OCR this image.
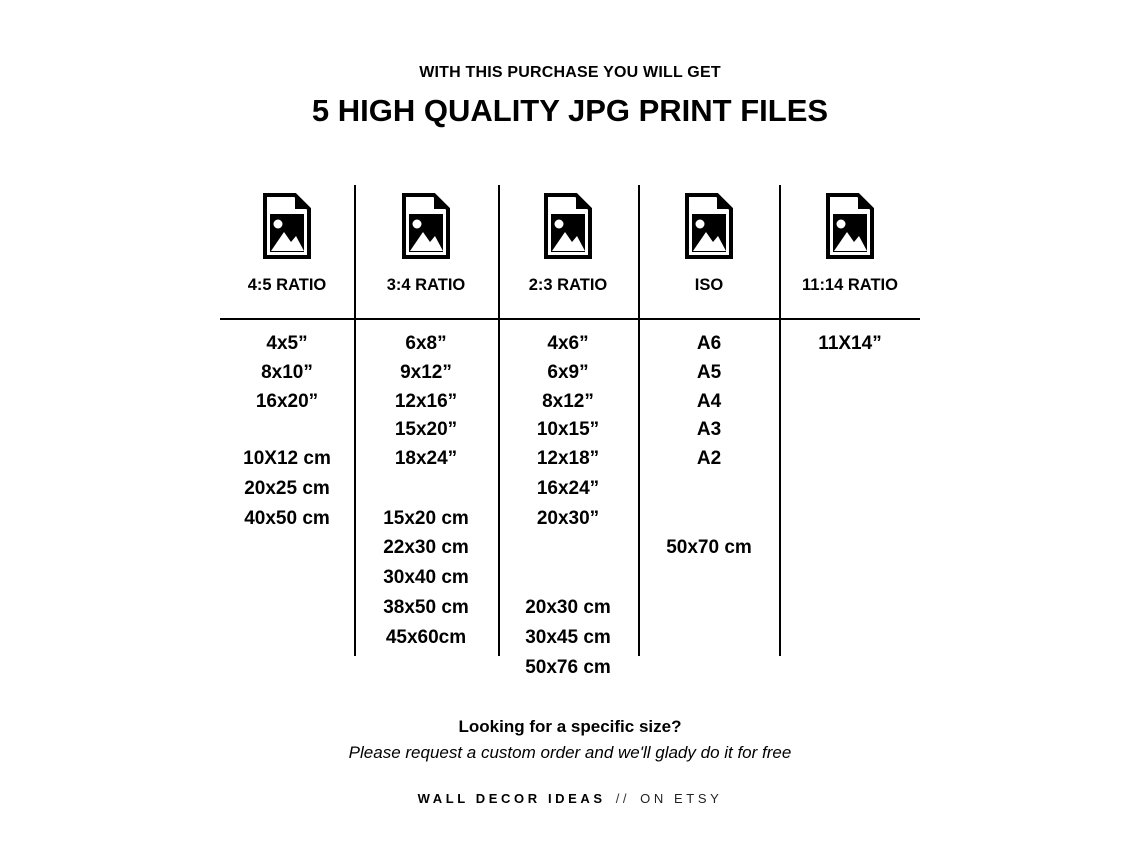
WITH THIS PURCHASE YOU WILL GET
5 HIGH QUALITY JPG PRINT FILES
4:5 RATIO
4x5”
8x10”
16x20”
10X12 cm
20x25 cm
40x50 cm
3:4 RATIO
6x8”
9x12”
12x16”
15x20”
18x24”
15x20 cm
22x30 cm
30x40 cm
38x50 cm
45x60cm
2:3 RATIO
4x6”
6x9”
8x12”
10x15”
12x18”
16x24”
20x30”
20x30 cm
30x45 cm
50x76 cm
ISO
A6
A5
A4
A3
A2
50x70 cm
11:14 RATIO
11X14”
Looking for a specific size?
Please request a custom order and we'll glady do it for free
WALL DECOR IDEAS // ON ETSY
